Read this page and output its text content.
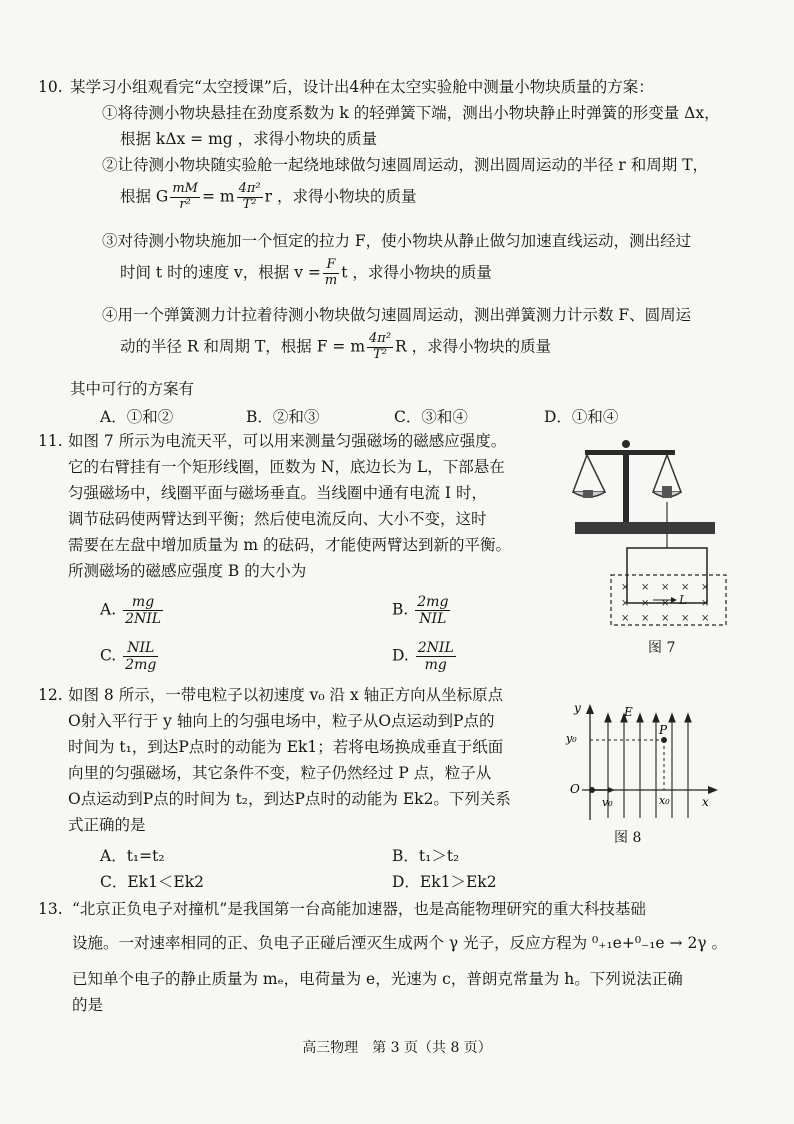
10. 某学习小组观看完“太空授课”后，设计出4种在太空实验舱中测量小物块质量的方案：
①将待测小物块悬挂在劲度系数为 k 的轻弹簧下端，测出小物块静止时弹簧的形变量 Δx，
根据 kΔx = mg ，求得小物块的质量
②让待测小物块随实验舱一起绕地球做匀速圆周运动，测出圆周运动的半径 r 和周期 T，
根据 G $\frac{mM}{\text{r²}} = m \frac{\text{4π²}}{\text{T²}}$ r ，求得小物块的质量
③对待测小物块施加一个恒定的拉力 F，使小物块从静止做匀加速直线运动，测出经过
时间 t 时的速度 v，根据 $v = \frac{F}{m}$ t ，求得小物块的质量
④用一个弹簧测力计拉着待测小物块做匀速圆周运动，测出弹簧测力计示数 F、圆周运
动的半径 R 和周期 T，根据 F = m $\frac{\text{4π²}}{\text{T²}}$ R ，求得小物块的质量
其中可行的方案有
A．①和②	B．②和③	C．③和④	D．①和④
11. 如图 7 所示为电流天平，可以用来测量匀强磁场的磁感应强度。
它的右臂挂有一个矩形线圈，匝数为 N，底边长为 L，下部悬在
匀强磁场中，线圈平面与磁场垂直。当线圈中通有电流 I 时，
调节砝码使两臂达到平衡；然后使电流反向、大小不变，这时
需要在左盘中增加质量为 m 的砝码，才能使两臂达到新的平衡。
所测磁场的磁感应强度 B 的大小为
A. $\frac{mg}{\text{2NIL}}$	B. $\frac{2mg}{\text{NIL}}$
C. $\frac{\text{NIL}}{2mg}$	D. $\frac{\text{2NIL}}{mg}$
× × × × ×
× × ×	×
× × × × ×
L
图 7
12. 如图 8 所示，一带电粒子以初速度 v₀ 沿 x 轴正方向从坐标原点
O射入平行于 y 轴向上的匀强电场中，粒子从O点运动到P点的
时间为 t₁，到达P点时的动能为 Ek1；若将电场换成垂直于纸面
向里的匀强磁场，其它条件不变，粒子仍然经过 P 点，粒子从
O点运动到P点的时间为 t₂，到达P点时的动能为 Ek2。下列关系
式正确的是
A．t₁=t₂	B．t₁＞t₂
C．Ek1＜Ek2	D．Ek1＞Ek2
y
x
O
y₀
E
P
x₀
v₀
图 8
13. “北京正负电子对撞机”是我国第一台高能加速器，也是高能物理研究的重大科技基础
设施。一对速率相同的正、负电子正碰后湮灭生成两个 γ 光子，反应方程为 ⁰₊₁e+⁰₋₁e → 2γ 。
已知单个电子的静止质量为 mₑ，电荷量为 e，光速为 c，普朗克常量为 h。下列说法正确
的是
高三物理　第 3 页（共 8 页）
